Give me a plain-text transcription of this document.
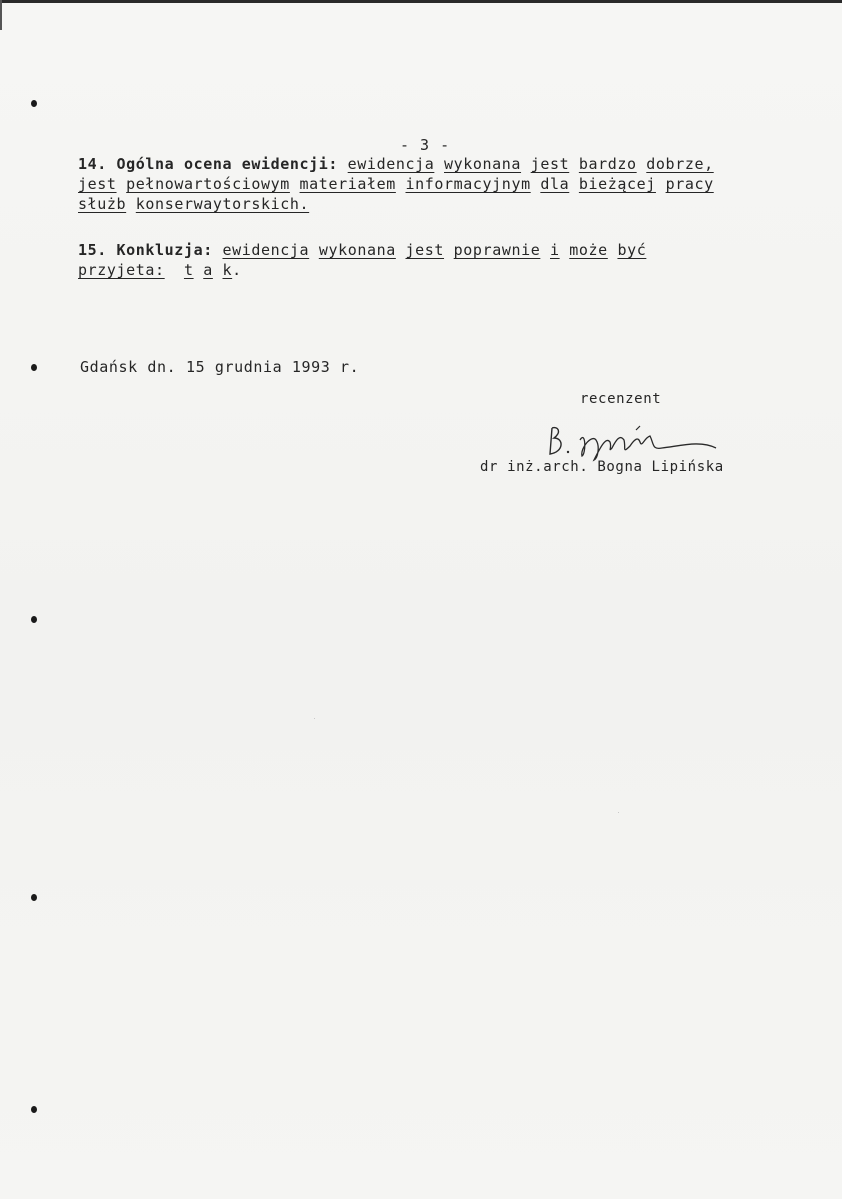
- 3 -
14. Ogólna ocena ewidencji: ewidencja wykonana jest bardzo dobrze,
jest pełnowartościowym materiałem informacyjnym dla bieżącej pracy
służb konserwaytorskich.
15. Konkluzja: ewidencja wykonana jest poprawnie i może być
przyjeta: t a k.
Gdańsk dn. 15 grudnia 1993 r.
recenzent
dr inż.arch. Bogna Lipińska
